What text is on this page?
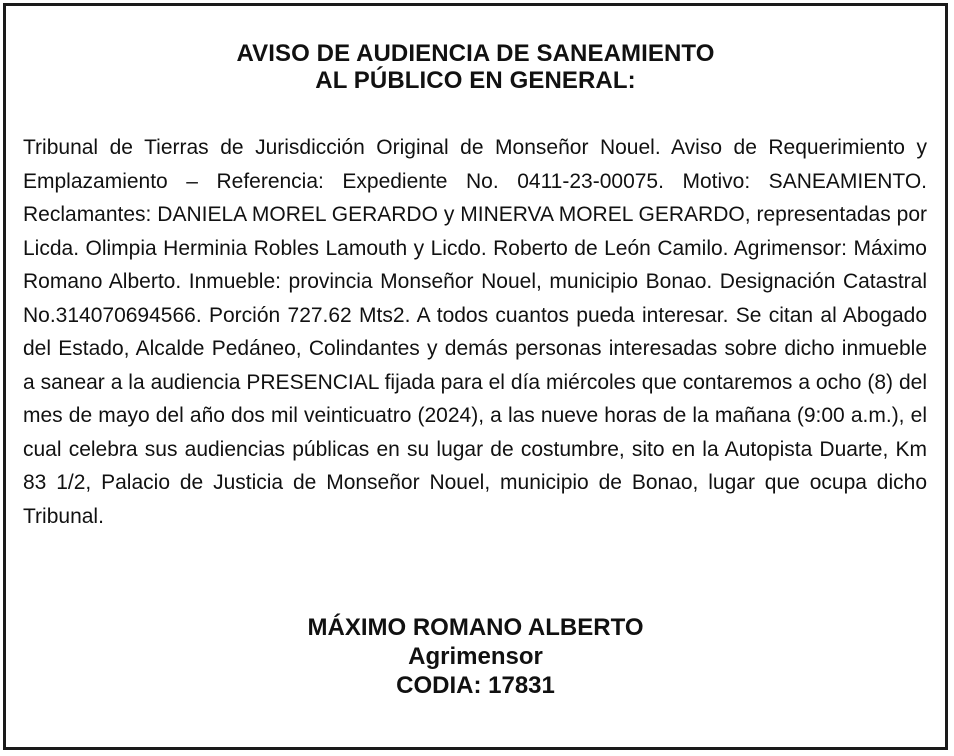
AVISO DE AUDIENCIA DE SANEAMIENTO
AL PÚBLICO EN GENERAL:

Tribunal de Tierras de Jurisdicción Original de Monseñor Nouel. Aviso de Requerimiento y Emplazamiento – Referencia: Expediente No. 0411-23-00075. Motivo: SANEAMIENTO. Reclamantes: DANIELA MOREL GERARDO y MINERVA MOREL GERARDO, representadas por Licda. Olimpia Herminia Robles Lamouth y Licdo. Roberto de León Camilo. Agrimensor: Máximo Romano Alberto. Inmueble: provincia Monseñor Nouel, municipio Bonao. Designación Catastral No.314070694566. Porción 727.62 Mts2. A todos cuantos pueda interesar. Se citan al Abogado del Estado, Alcalde Pedáneo, Colindantes y demás personas interesadas sobre dicho inmueble a sanear a la audiencia PRESENCIAL fijada para el día miércoles que contaremos a ocho (8) del mes de mayo del año dos mil veinticuatro (2024), a las nueve horas de la mañana (9:00 a.m.), el cual celebra sus audiencias públicas en su lugar de costumbre, sito en la Autopista Duarte, Km 83 1/2, Palacio de Justicia de Monseñor Nouel, municipio de Bonao, lugar que ocupa dicho Tribunal.

MÁXIMO ROMANO ALBERTO
Agrimensor
CODIA: 17831
